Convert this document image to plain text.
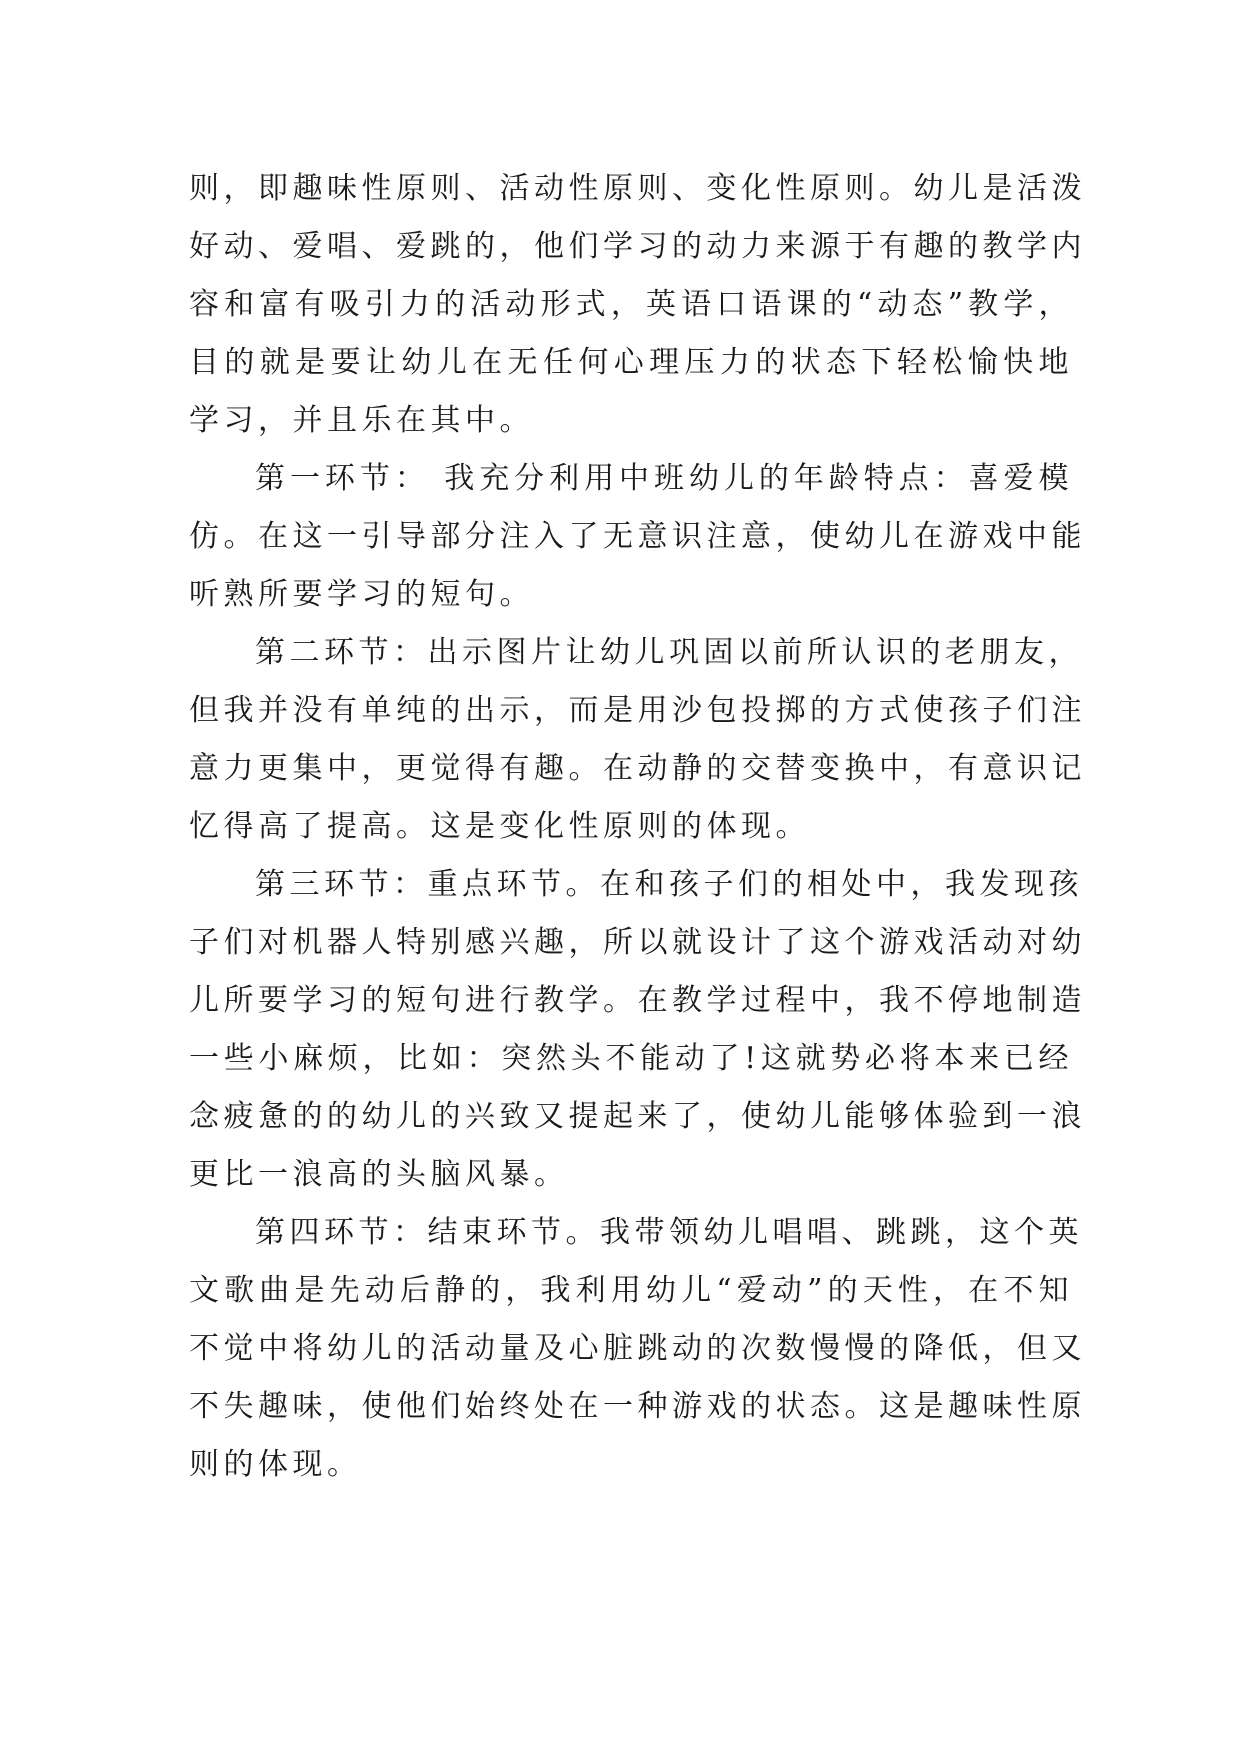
则，即趣味性原则、活动性原则、变化性原则。幼儿是活泼
好动、爱唱、爱跳的，他们学习的动力来源于有趣的教学内
容和富有吸引力的活动形式，英语口语课的“动态”教学，
目的就是要让幼儿在无任何心理压力的状态下轻松愉快地
学习，并且乐在其中。
第一环节： 我充分利用中班幼儿的年龄特点：喜爱模
仿。在这一引导部分注入了无意识注意，使幼儿在游戏中能
听熟所要学习的短句。
第二环节：出示图片让幼儿巩固以前所认识的老朋友，
但我并没有单纯的出示，而是用沙包投掷的方式使孩子们注
意力更集中，更觉得有趣。在动静的交替变换中，有意识记
忆得高了提高。这是变化性原则的体现。
第三环节：重点环节。在和孩子们的相处中，我发现孩
子们对机器人特别感兴趣，所以就设计了这个游戏活动对幼
儿所要学习的短句进行教学。在教学过程中，我不停地制造
一些小麻烦，比如：突然头不能动了!这就势必将本来已经
念疲惫的的幼儿的兴致又提起来了，使幼儿能够体验到一浪
更比一浪高的头脑风暴。
第四环节：结束环节。我带领幼儿唱唱、跳跳，这个英
文歌曲是先动后静的，我利用幼儿“爱动”的天性，在不知
不觉中将幼儿的活动量及心脏跳动的次数慢慢的降低，但又
不失趣味，使他们始终处在一种游戏的状态。这是趣味性原
则的体现。
